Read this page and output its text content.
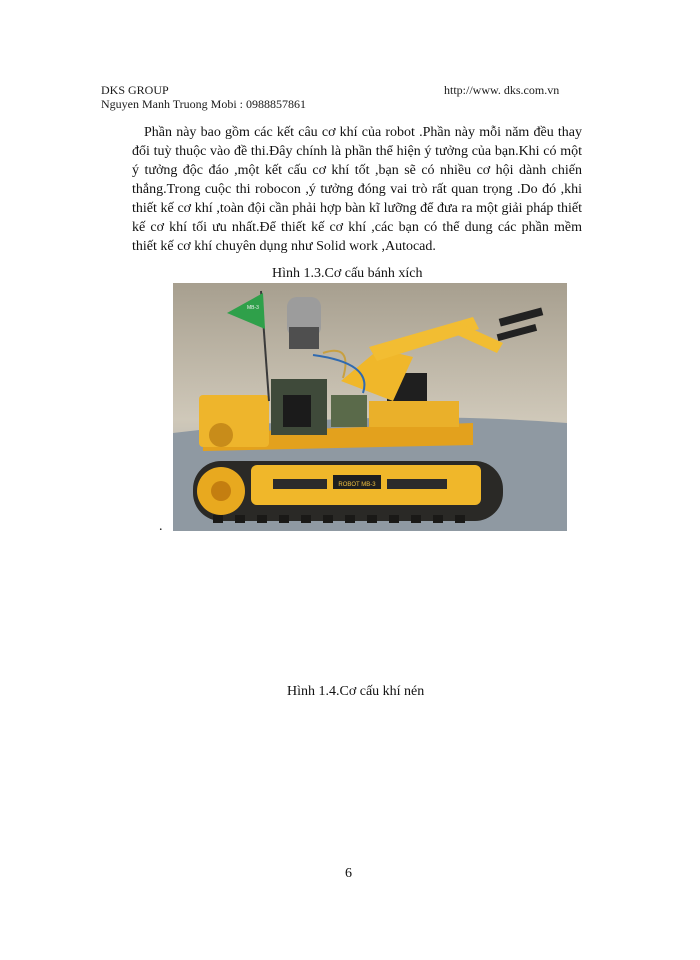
DKS GROUP
Nguyen Manh Truong Mobi : 0988857861
http://www. dks.com.vn

Phần này bao gồm các kết câu cơ khí của robot .Phần này mỗi năm đều thay đổi tuỳ thuộc vào đề thi.Đây chính là phần thể hiện ý tưởng của bạn.Khi có một ý tưởng độc đáo ,một kết cấu cơ khí tốt ,bạn sẽ có nhiều cơ hội dành chiến thắng.Trong cuộc thi robocon ,ý tưởng đóng vai trò rất quan trọng .Do đó ,khi thiết kế cơ khí ,toàn đội cần phải hợp bàn kĩ lưỡng để đưa ra một giải pháp thiết kế cơ khí tối ưu nhất.Để thiết kế cơ khí ,các bạn có thể dung các phần mềm thiết kế cơ khí chuyên dụng như Solid work ,Autocad.

Hình 1.3.Cơ cấu bánh xích
ROBOT MB-3
MB-3
.
Hình 1.4.Cơ cấu khí nén
6
